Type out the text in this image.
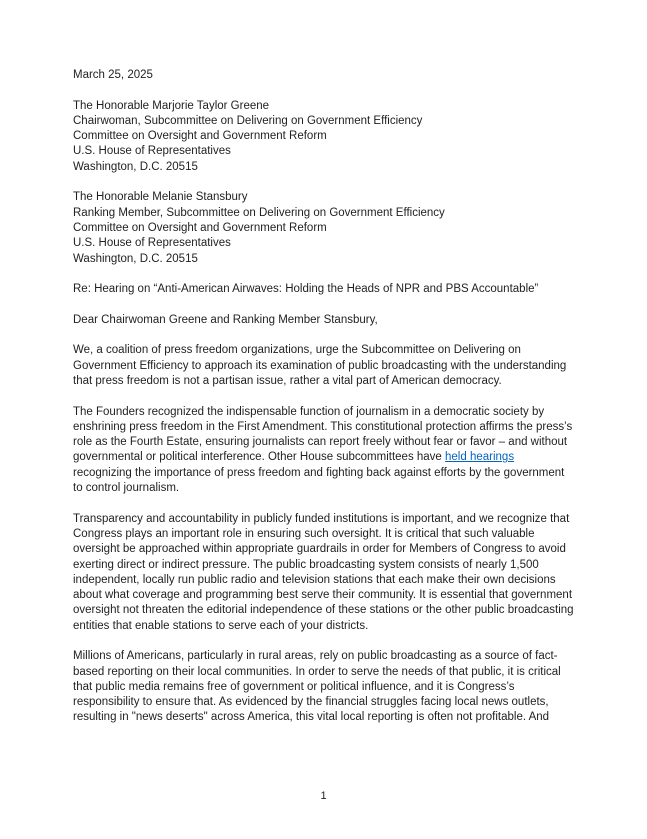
March 25, 2025

The Honorable Marjorie Taylor Greene
Chairwoman, Subcommittee on Delivering on Government Efficiency
Committee on Oversight and Government Reform
U.S. House of Representatives
Washington, D.C. 20515
The Honorable Melanie Stansbury
Ranking Member, Subcommittee on Delivering on Government Efficiency
Committee on Oversight and Government Reform
U.S. House of Representatives
Washington, D.C. 20515

Re: Hearing on “Anti-American Airwaves: Holding the Heads of NPR and PBS Accountable”

Dear Chairwoman Greene and Ranking Member Stansbury,

We, a coalition of press freedom organizations, urge the Subcommittee on Delivering on Government Efficiency to approach its examination of public broadcasting with the understanding that press freedom is not a partisan issue, rather a vital part of American democracy.

The Founders recognized the indispensable function of journalism in a democratic society by enshrining press freedom in the First Amendment. This constitutional protection affirms the press’s role as the Fourth Estate, ensuring journalists can report freely without fear or favor – and without governmental or political interference. Other House subcommittees have held hearings recognizing the importance of press freedom and fighting back against efforts by the government to control journalism.

Transparency and accountability in publicly funded institutions is important, and we recognize that Congress plays an important role in ensuring such oversight. It is critical that such valuable oversight be approached within appropriate guardrails in order for Members of Congress to avoid exerting direct or indirect pressure. The public broadcasting system consists of nearly 1,500 independent, locally run public radio and television stations that each make their own decisions about what coverage and programming best serve their community. It is essential that government oversight not threaten the editorial independence of these stations or the other public broadcasting entities that enable stations to serve each of your districts.

Millions of Americans, particularly in rural areas, rely on public broadcasting as a source of fact-based reporting on their local communities. In order to serve the needs of that public, it is critical that public media remains free of government or political influence, and it is Congress’s responsibility to ensure that. As evidenced by the financial struggles facing local news outlets, resulting in "news deserts" across America, this vital local reporting is often not profitable. And

1
